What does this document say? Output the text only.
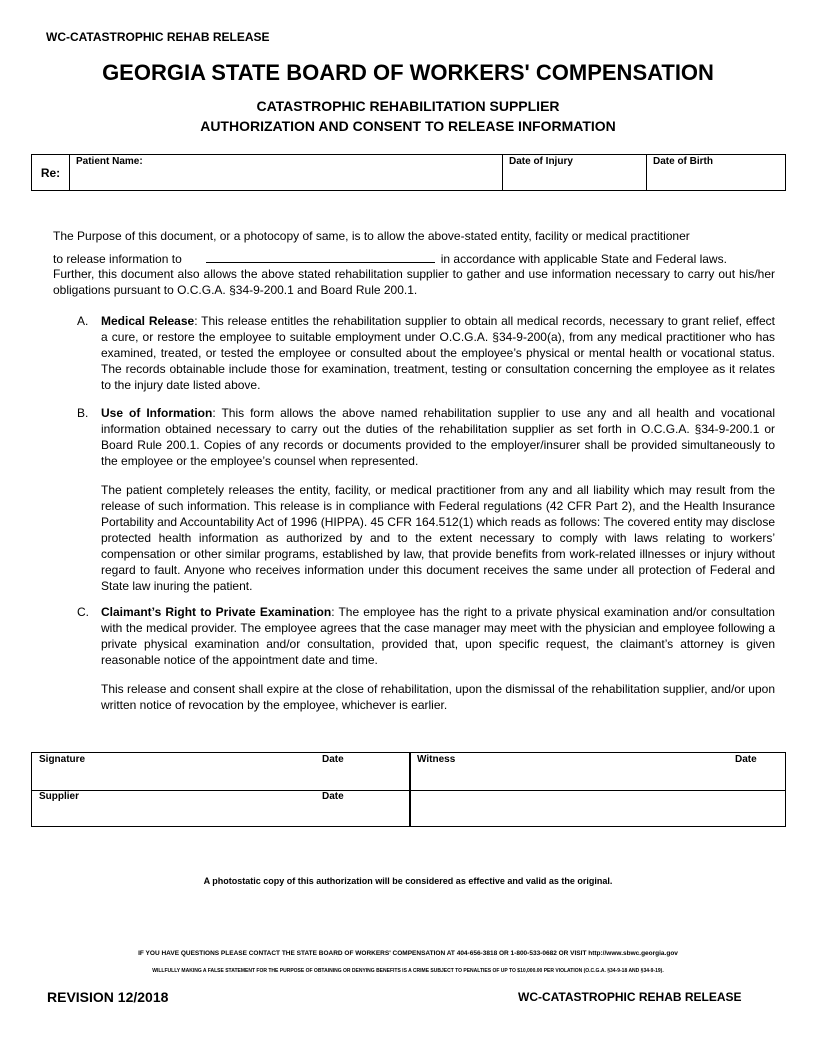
WC-CATASTROPHIC REHAB RELEASE
GEORGIA STATE BOARD OF WORKERS' COMPENSATION
CATASTROPHIC REHABILITATION SUPPLIER
AUTHORIZATION AND CONSENT TO RELEASE INFORMATION
Re:
Patient Name:	Date of Injury	Date of Birth
The Purpose of this document, or a photocopy of same, is to allow the above-stated entity, facility or medical practitioner
to release information to	in accordance with applicable State and Federal laws.
Further, this document also allows the above stated rehabilitation supplier to gather and use information necessary to carry out his/her obligations pursuant to O.C.G.A. §34-9-200.1 and Board Rule 200.1.
A. Medical Release: This release entitles the rehabilitation supplier to obtain all medical records, necessary to grant relief, effect a cure, or restore the employee to suitable employment under O.C.G.A. §34-9-200(a), from any medical practitioner who has examined, treated, or tested the employee or consulted about the employee’s physical or mental health or vocational status. The records obtainable include those for examination, treatment, testing or consultation concerning the employee as it relates to the injury date listed above.
B. Use of Information: This form allows the above named rehabilitation supplier to use any and all health and vocational information obtained necessary to carry out the duties of the rehabilitation supplier as set forth in O.C.G.A. §34-9-200.1 or Board Rule 200.1. Copies of any records or documents provided to the employer/insurer shall be provided simultaneously to the employee or the employee’s counsel when represented.
The patient completely releases the entity, facility, or medical practitioner from any and all liability which may result from the release of such information. This release is in compliance with Federal regulations (42 CFR Part 2), and the Health Insurance Portability and Accountability Act of 1996 (HIPPA). 45 CFR 164.512(1) which reads as follows: The covered entity may disclose protected health information as authorized by and to the extent necessary to comply with laws relating to workers’ compensation or other similar programs, established by law, that provide benefits from work-related illnesses or injury without regard to fault. Anyone who receives information under this document receives the same under all protection of Federal and State law inuring the patient.
C. Claimant’s Right to Private Examination: The employee has the right to a private physical examination and/or consultation with the medical provider. The employee agrees that the case manager may meet with the physician and employee following a private physical examination and/or consultation, provided that, upon specific request, the claimant’s attorney is given reasonable notice of the appointment date and time.
This release and consent shall expire at the close of rehabilitation, upon the dismissal of the rehabilitation supplier, and/or upon written notice of revocation by the employee, whichever is earlier.
Signature	Date	Witness	Date
Supplier	Date
A photostatic copy of this authorization will be considered as effective and valid as the original.
IF YOU HAVE QUESTIONS PLEASE CONTACT THE STATE BOARD OF WORKERS' COMPENSATION AT 404-656-3818 OR 1-800-533-0682 OR VISIT http://www.sbwc.georgia.gov
WILLFULLY MAKING A FALSE STATEMENT FOR THE PURPOSE OF OBTAINING OR DENYING BENEFITS IS A CRIME SUBJECT TO PENALTIES OF UP TO $10,000.00 PER VIOLATION (O.C.G.A. §34-9-18 AND §34-9-19).
REVISION 12/2018	WC-CATASTROPHIC REHAB RELEASE
